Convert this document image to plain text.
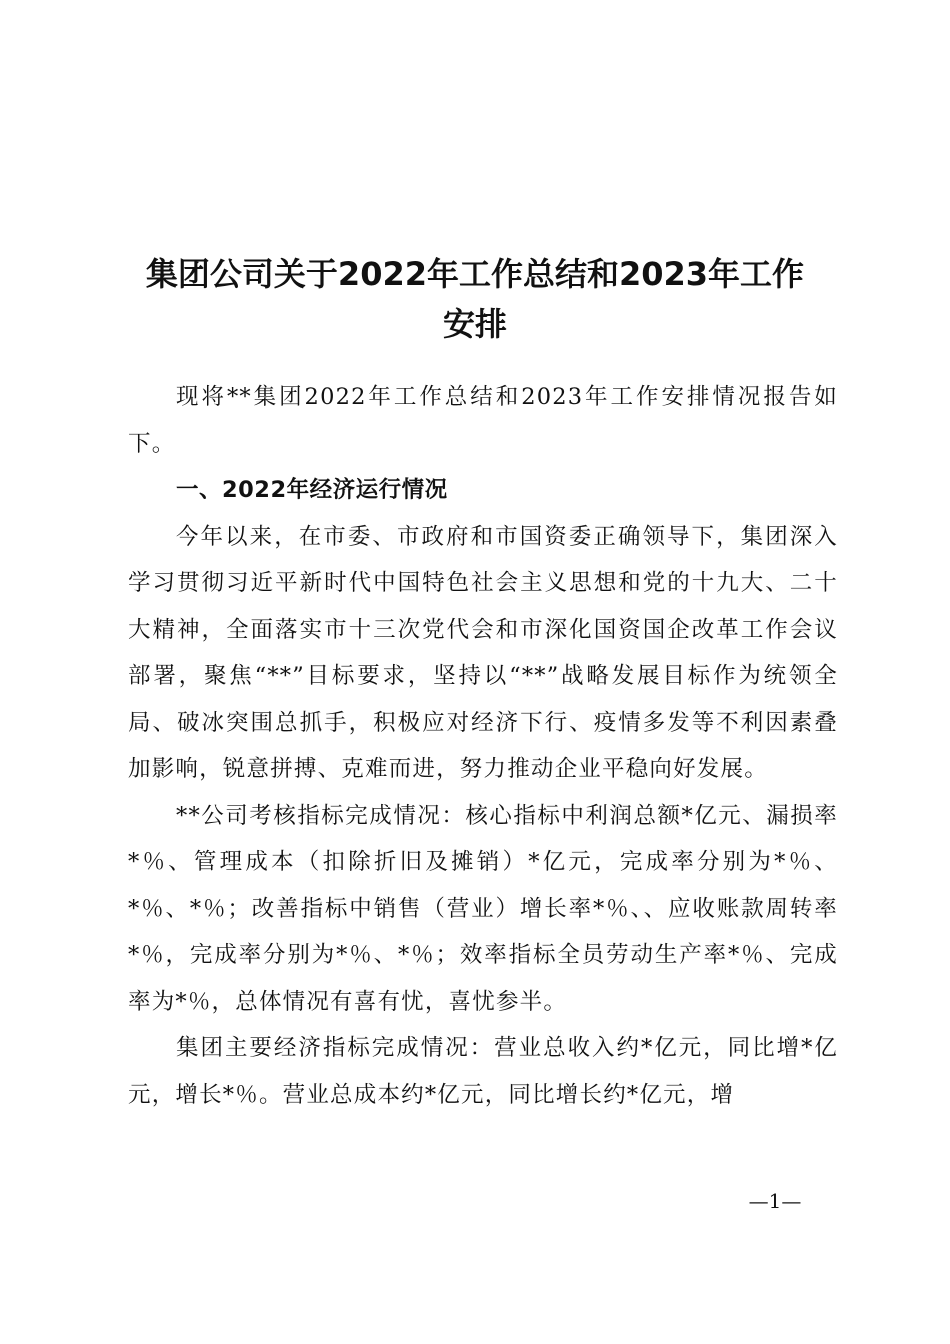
集团公司关于2022年工作总结和2023年工作
安排

现将**集团2022年工作总结和2023年工作安排情况报告如下。

一、2022年经济运行情况

今年以来，在市委、市政府和市国资委正确领导下，集团深入学习贯彻习近平新时代中国特色社会主义思想和党的十九大、二十大精神，全面落实市十三次党代会和市深化国资国企改革工作会议部署，聚焦“**”目标要求，坚持以“**”战略发展目标作为统领全局、破冰突围总抓手，积极应对经济下行、疫情多发等不利因素叠加影响，锐意拼搏、克难而进，努力推动企业平稳向好发展。

**公司考核指标完成情况：核心指标中利润总额*亿元、漏损率*％、管理成本（扣除折旧及摊销）*亿元，完成率分别为*％、*％、*％；改善指标中销售（营业）增长率*％、、应收账款周转率*％，完成率分别为*％、*％；效率指标全员劳动生产率*％、完成率为*％，总体情况有喜有忧，喜忧参半。

集团主要经济指标完成情况：营业总收入约*亿元，同比增*亿元，增长*％。营业总成本约*亿元，同比增长约*亿元，增

—1—
